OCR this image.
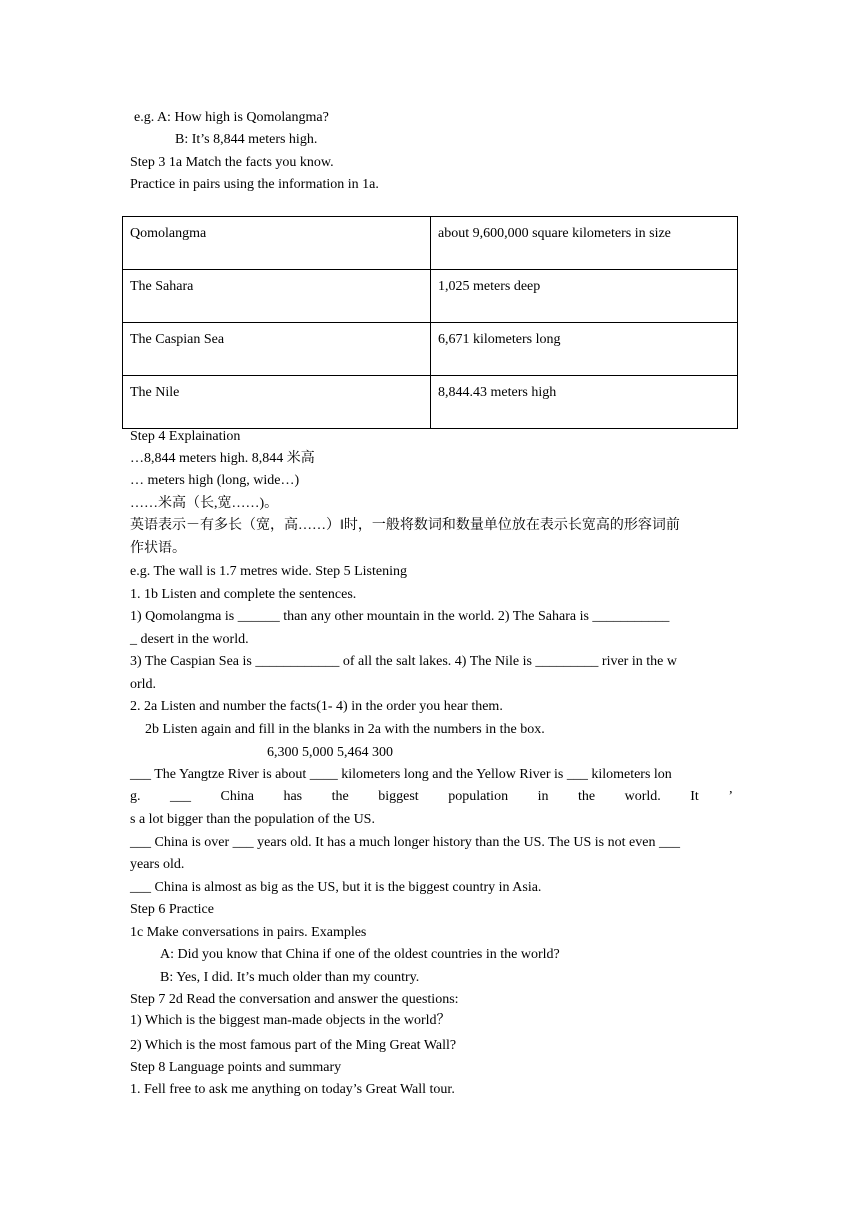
e.g. A: How high is Qomolangma?
B: It’s 8,844 meters high.
Step 3 1a Match the facts you know.
Practice in pairs using the information in 1a.
Qomolangma	about 9,600,000 square kilometers in size
The Sahara	1,025 meters deep
The Caspian Sea	6,671 kilometers long
The Nile	8,844.43 meters high
Step 4 Explaination
…8,844 meters high. 8,844 米高
… meters high (long, wide…)
……米高（长,宽……)。
英语表示－有多长（宽，高……）‖时，一般将数词和数量单位放在表示长宽高的形容词前
作状语。
e.g. The wall is 1.7 metres wide. Step 5 Listening
1. 1b Listen and complete the sentences.
1) Qomolangma is ______ than any other mountain in the world. 2) The Sahara is ___________
_ desert in the world.
3) The Caspian Sea is ____________ of all the salt lakes. 4) The Nile is _________ river in the w
orld.
2. 2a Listen and number the facts(1- 4) in the order you hear them.
2b Listen again and fill in the blanks in 2a with the numbers in the box.
6,300 5,000 5,464 300
___ The Yangtze River is about ____ kilometers long and the Yellow River is ___ kilometers lon
g. ___ China has the biggest population in the world. It ’
s a lot bigger than the population of the US.
___ China is over ___ years old. It has a much longer history than the US. The US is not even ___
years old.
___ China is almost as big as the US, but it is the biggest country in Asia.
Step 6 Practice
1c Make conversations in pairs. Examples
A: Did you know that China if one of the oldest countries in the world?
B: Yes, I did. It’s much older than my country.
Step 7 2d Read the conversation and answer the questions:
1) Which is the biggest man-made objects in the world？
2) Which is the most famous part of the Ming Great Wall?
Step 8 Language points and summary
1. Fell free to ask me anything on today’s Great Wall tour.
